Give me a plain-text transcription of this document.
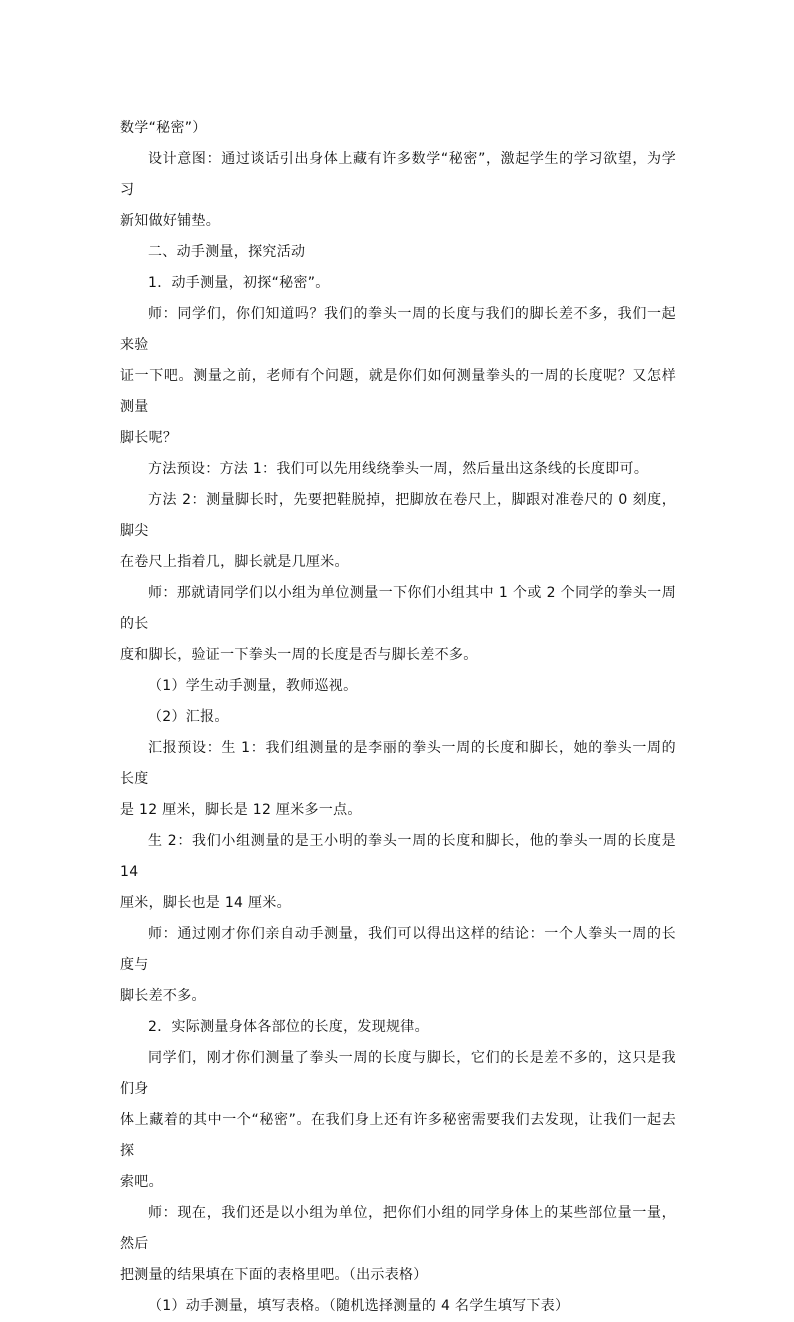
数学“秘密”）

设计意图：通过谈话引出身体上藏有许多数学“秘密”，激起学生的学习欲望，为学习

新知做好铺垫。

二、动手测量，探究活动

1．动手测量，初探“秘密”。

师：同学们，你们知道吗？我们的拳头一周的长度与我们的脚长差不多，我们一起来验

证一下吧。测量之前，老师有个问题，就是你们如何测量拳头的一周的长度呢？又怎样测量

脚长呢？

方法预设：方法 1：我们可以先用线绕拳头一周，然后量出这条线的长度即可。

方法 2：测量脚长时，先要把鞋脱掉，把脚放在卷尺上，脚跟对准卷尺的 0 刻度，脚尖

在卷尺上指着几，脚长就是几厘米。

师：那就请同学们以小组为单位测量一下你们小组其中 1 个或 2 个同学的拳头一周的长

度和脚长，验证一下拳头一周的长度是否与脚长差不多。

（1）学生动手测量，教师巡视。

（2）汇报。

汇报预设：生 1：我们组测量的是李丽的拳头一周的长度和脚长，她的拳头一周的长度

是 12 厘米，脚长是 12 厘米多一点。

生 2：我们小组测量的是王小明的拳头一周的长度和脚长，他的拳头一周的长度是 14

厘米，脚长也是 14 厘米。

师：通过刚才你们亲自动手测量，我们可以得出这样的结论：一个人拳头一周的长度与

脚长差不多。

2．实际测量身体各部位的长度，发现规律。

同学们，刚才你们测量了拳头一周的长度与脚长，它们的长是差不多的，这只是我们身

体上藏着的其中一个“秘密”。在我们身上还有许多秘密需要我们去发现，让我们一起去探

索吧。

师：现在，我们还是以小组为单位，把你们小组的同学身体上的某些部位量一量，然后

把测量的结果填在下面的表格里吧。（出示表格）

（1）动手测量，填写表格。（随机选择测量的 4 名学生填写下表）
